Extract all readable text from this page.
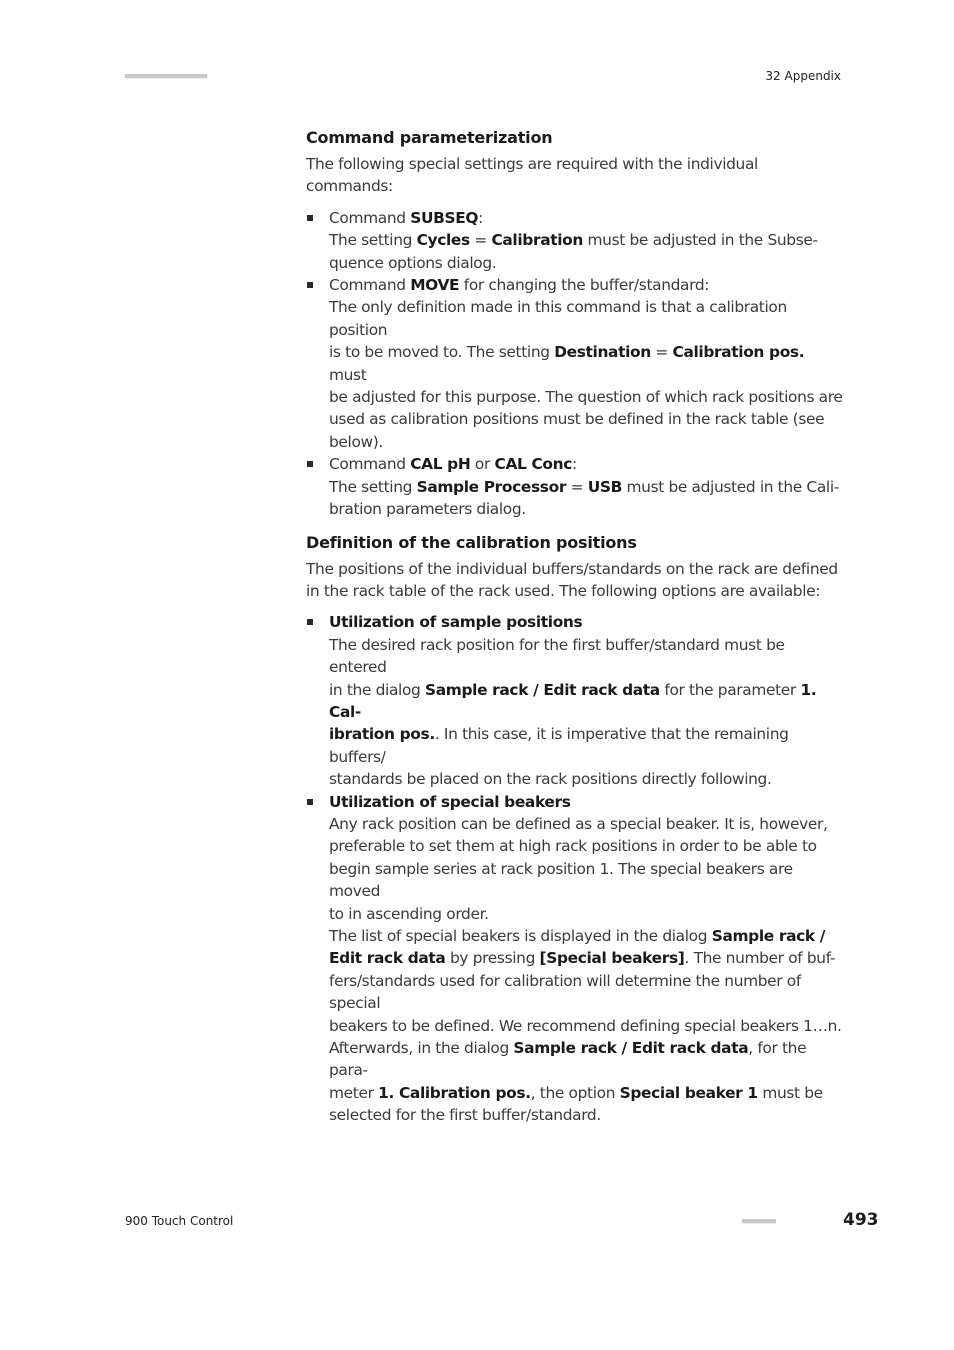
■■■■■■■■■■■■■■■■■■■■■■	32 Appendix
Command parameterization

The following special settings are required with the individual commands:

Command SUBSEQ:
The setting Cycles = Calibration must be adjusted in the Subse-
quence options dialog.
Command MOVE for changing the buffer/standard:
The only definition made in this command is that a calibration position
is to be moved to. The setting Destination = Calibration pos. must
be adjusted for this purpose. The question of which rack positions are
used as calibration positions must be defined in the rack table (see
below).
Command CAL pH or CAL Conc:
The setting Sample Processor = USB must be adjusted in the Cali-
bration parameters dialog.
Definition of the calibration positions

The positions of the individual buffers/standards on the rack are defined in the rack table of the rack used. The following options are available:

Utilization of sample positions
The desired rack position for the first buffer/standard must be entered
in the dialog Sample rack / Edit rack data for the parameter 1. Cal-
ibration pos.. In this case, it is imperative that the remaining buffers/
standards be placed on the rack positions directly following.
Utilization of special beakers
Any rack position can be defined as a special beaker. It is, however,
preferable to set them at high rack positions in order to be able to
begin sample series at rack position 1. The special beakers are moved
to in ascending order.
The list of special beakers is displayed in the dialog Sample rack /
Edit rack data by pressing [Special beakers]. The number of buf-
fers/standards used for calibration will determine the number of special
beakers to be defined. We recommend defining special beakers 1…n.
Afterwards, in the dialog Sample rack / Edit rack data, for the para-
meter 1. Calibration pos., the option Special beaker 1 must be
selected for the first buffer/standard.
900 Touch Control	■■■■■■■■■	493
